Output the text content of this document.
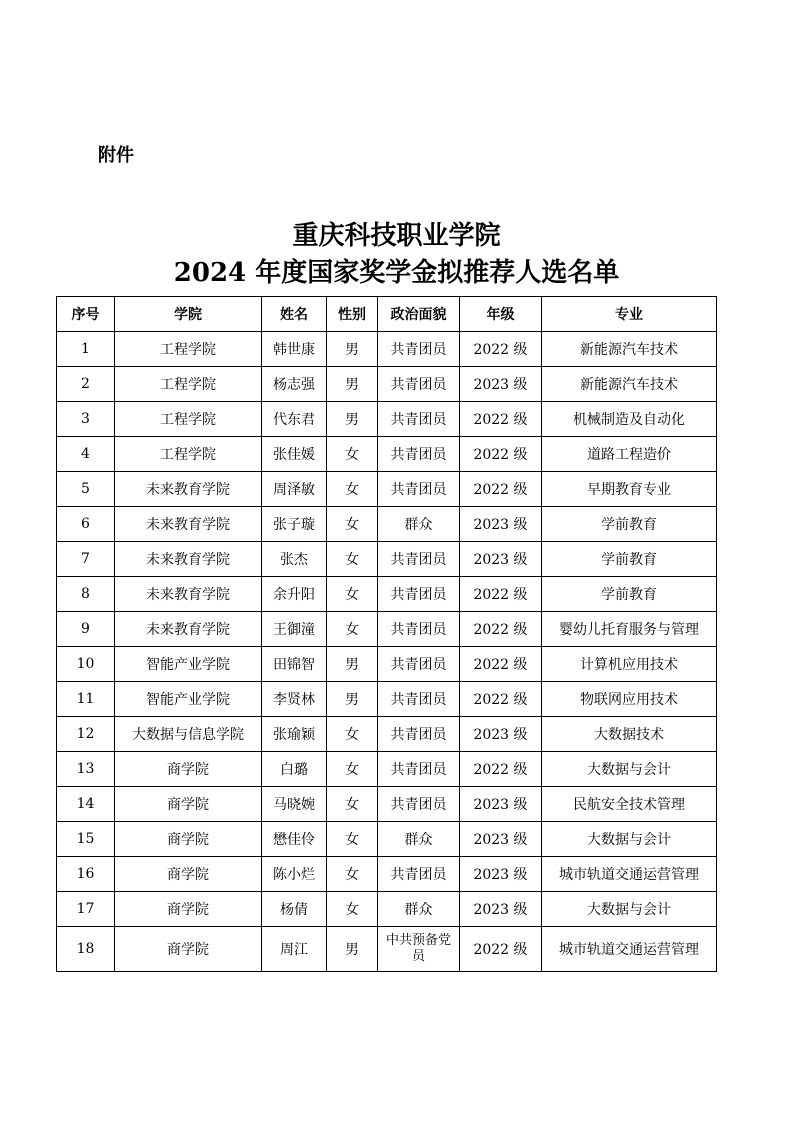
附件
重庆科技职业学院
2024 年度国家奖学金拟推荐人选名单
序号	学院	姓名	性别	政治面貌	年级	专业
1	工程学院	韩世康	男	共青团员	2022 级	新能源汽车技术
2	工程学院	杨志强	男	共青团员	2023 级	新能源汽车技术
3	工程学院	代东君	男	共青团员	2022 级	机械制造及自动化
4	工程学院	张佳媛	女	共青团员	2022 级	道路工程造价
5	未来教育学院	周泽敏	女	共青团员	2022 级	早期教育专业
6	未来教育学院	张子璇	女	群众	2023 级	学前教育
7	未来教育学院	张杰	女	共青团员	2023 级	学前教育
8	未来教育学院	余升阳	女	共青团员	2022 级	学前教育
9	未来教育学院	王御潼	女	共青团员	2022 级	婴幼儿托育服务与管理
10	智能产业学院	田锦智	男	共青团员	2022 级	计算机应用技术
11	智能产业学院	李贤林	男	共青团员	2022 级	物联网应用技术
12	大数据与信息学院	张瑜颖	女	共青团员	2023 级	大数据技术
13	商学院	白璐	女	共青团员	2022 级	大数据与会计
14	商学院	马晓婉	女	共青团员	2023 级	民航安全技术管理
15	商学院	懋佳伶	女	群众	2023 级	大数据与会计
16	商学院	陈小烂	女	共青团员	2023 级	城市轨道交通运营管理
17	商学院	杨倩	女	群众	2023 级	大数据与会计
18	商学院	周江	男	中共预备党员	2022 级	城市轨道交通运营管理
